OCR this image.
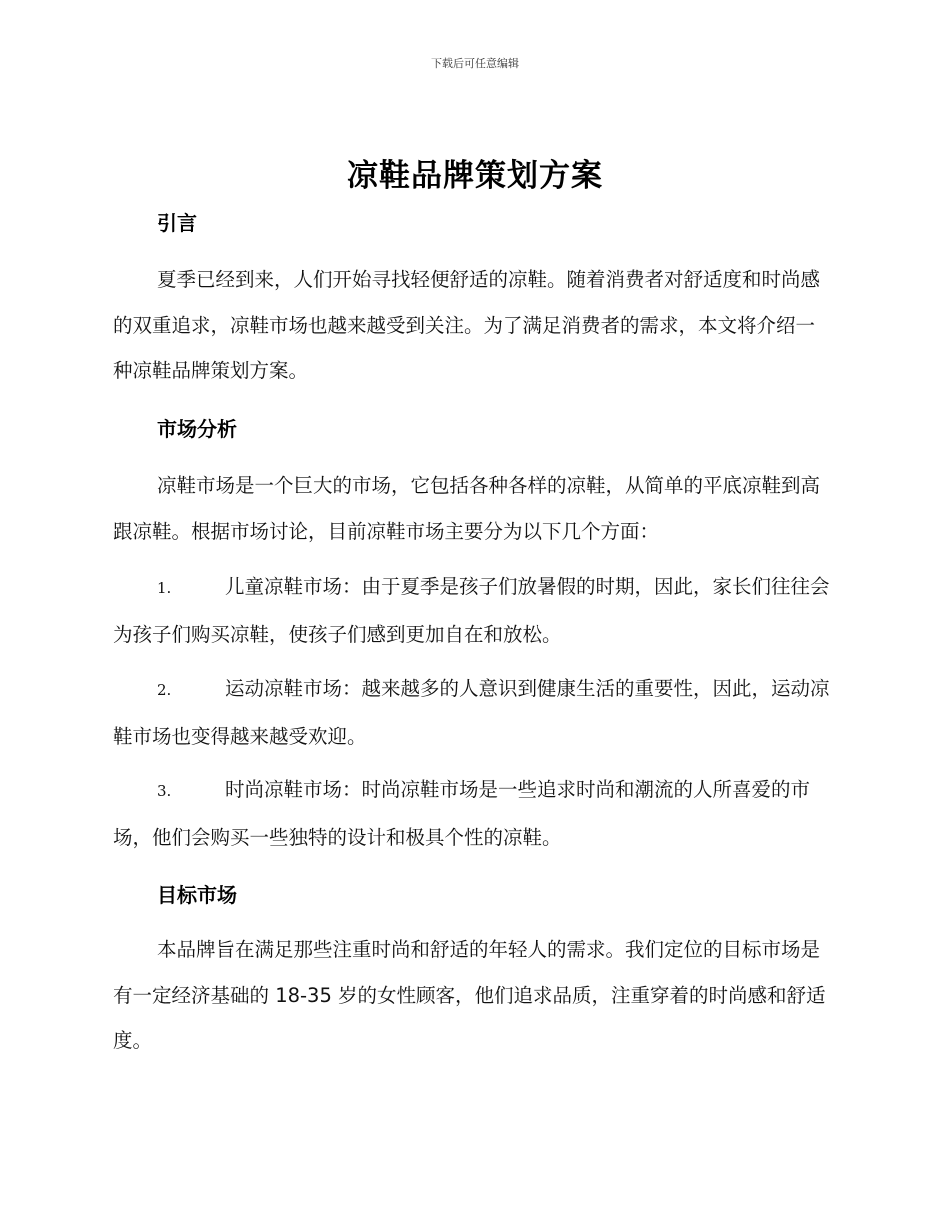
下载后可任意编辑
凉鞋品牌策划方案
引言

夏季已经到来，人们开始寻找轻便舒适的凉鞋。随着消费者对舒适度和时尚感的双重追求，凉鞋市场也越来越受到关注。为了满足消费者的需求，本文将介绍一种凉鞋品牌策划方案。

市场分析

凉鞋市场是一个巨大的市场，它包括各种各样的凉鞋，从简单的平底凉鞋到高跟凉鞋。根据市场讨论，目前凉鞋市场主要分为以下几个方面：

1.	儿童凉鞋市场：由于夏季是孩子们放暑假的时期，因此，家长们往往会为孩子们购买凉鞋，使孩子们感到更加自在和放松。

2.	运动凉鞋市场：越来越多的人意识到健康生活的重要性，因此，运动凉鞋市场也变得越来越受欢迎。

3.	时尚凉鞋市场：时尚凉鞋市场是一些追求时尚和潮流的人所喜爱的市场，他们会购买一些独特的设计和极具个性的凉鞋。

目标市场

本品牌旨在满足那些注重时尚和舒适的年轻人的需求。我们定位的目标市场是有一定经济基础的 18-35 岁的女性顾客，他们追求品质，注重穿着的时尚感和舒适度。
